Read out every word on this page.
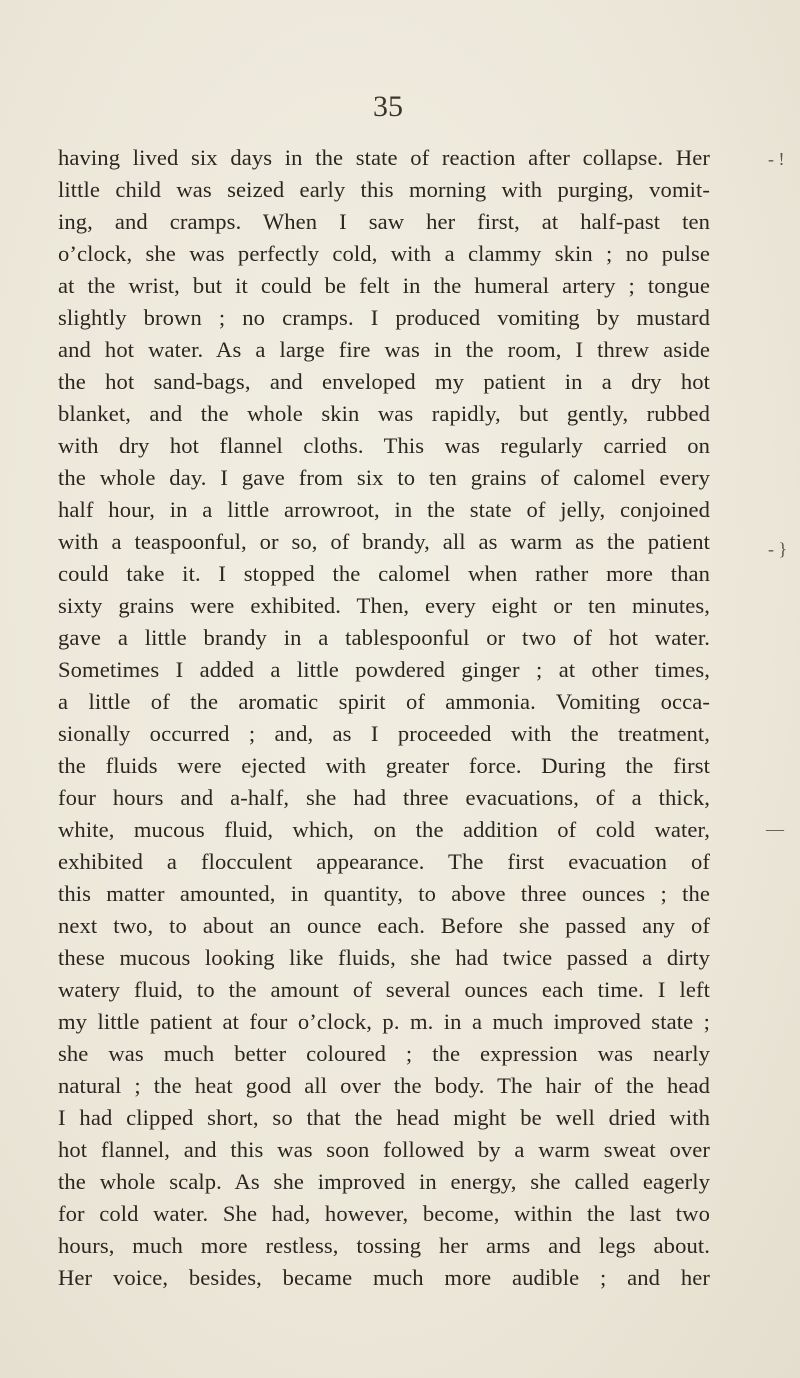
35
having lived six days in the state of reaction after collapse. Her
little child was seized early this morning with purging, vomit-
ing, and cramps. When I saw her first, at half-past ten
o’clock, she was perfectly cold, with a clammy skin ; no pulse
at the wrist, but it could be felt in the humeral artery ; tongue
slightly brown ; no cramps. I produced vomiting by mustard
and hot water. As a large fire was in the room, I threw aside
the hot sand-bags, and enveloped my patient in a dry hot
blanket, and the whole skin was rapidly, but gently, rubbed
with dry hot flannel cloths. This was regularly carried on
the whole day. I gave from six to ten grains of calomel every
half hour, in a little arrowroot, in the state of jelly, conjoined
with a teaspoonful, or so, of brandy, all as warm as the patient
could take it. I stopped the calomel when rather more than
sixty grains were exhibited. Then, every eight or ten minutes,
gave a little brandy in a tablespoonful or two of hot water.
Sometimes I added a little powdered ginger ; at other times,
a little of the aromatic spirit of ammonia. Vomiting occa-
sionally occurred ; and, as I proceeded with the treatment,
the fluids were ejected with greater force. During the first
four hours and a-half, she had three evacuations, of a thick,
white, mucous fluid, which, on the addition of cold water,
exhibited a flocculent appearance. The first evacuation of
this matter amounted, in quantity, to above three ounces ; the
next two, to about an ounce each. Before she passed any of
these mucous looking like fluids, she had twice passed a dirty
watery fluid, to the amount of several ounces each time. I left
my little patient at four o’clock, p. m. in a much improved state ;
she was much better coloured ; the expression was nearly
natural ; the heat good all over the body. The hair of the head
I had clipped short, so that the head might be well dried with
hot flannel, and this was soon followed by a warm sweat over
the whole scalp. As she improved in energy, she called eagerly
for cold water. She had, however, become, within the last two
hours, much more restless, tossing her arms and legs about.
Her voice, besides, became much more audible ; and her
- !
- }
—
